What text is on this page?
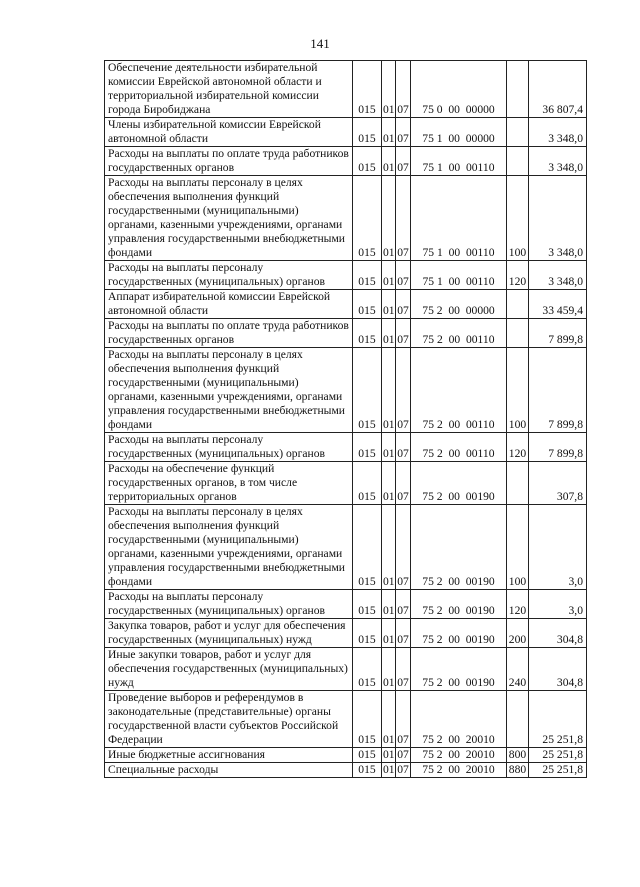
141
Обеспечение деятельности избирательной комиссии Еврейской автономной области и территориальной избирательной комиссии города Биробиджана	015	01	07	75 0  00  00000		36 807,4
Члены избирательной комиссии Еврейской автономной области	015	01	07	75 1  00  00000		3 348,0
Расходы на выплаты по оплате труда работников государственных органов	015	01	07	75 1  00  00110		3 348,0
Расходы на выплаты персоналу в целях обеспечения выполнения функций государственными (муниципальными) органами, казенными учреждениями, органами управления государственными внебюджетными фондами	015	01	07	75 1  00  00110	100	3 348,0
Расходы на выплаты персоналу государственных (муниципальных) органов	015	01	07	75 1  00  00110	120	3 348,0
Аппарат избирательной комиссии Еврейской автономной области	015	01	07	75 2  00  00000		33 459,4
Расходы на выплаты по оплате труда работников государственных органов	015	01	07	75 2  00  00110		7 899,8
Расходы на выплаты персоналу в целях обеспечения выполнения функций государственными (муниципальными) органами, казенными учреждениями, органами управления государственными внебюджетными фондами	015	01	07	75 2  00  00110	100	7 899,8
Расходы на выплаты персоналу государственных (муниципальных) органов	015	01	07	75 2  00  00110	120	7 899,8
Расходы на обеспечение функций государственных органов, в том числе территориальных органов	015	01	07	75 2  00  00190		307,8
Расходы на выплаты персоналу в целях обеспечения выполнения функций государственными (муниципальными) органами, казенными учреждениями, органами управления государственными внебюджетными фондами	015	01	07	75 2  00  00190	100	3,0
Расходы на выплаты персоналу государственных (муниципальных) органов	015	01	07	75 2  00  00190	120	3,0
Закупка товаров, работ и услуг для обеспечения государственных (муниципальных) нужд	015	01	07	75 2  00  00190	200	304,8
Иные закупки товаров, работ и услуг для обеспечения государственных (муниципальных) нужд	015	01	07	75 2  00  00190	240	304,8
Проведение выборов и референдумов в законодательные (представительные) органы государственной власти субъектов Российской Федерации	015	01	07	75 2  00  20010		25 251,8
Иные бюджетные ассигнования	015	01	07	75 2  00  20010	800	25 251,8
Специальные расходы	015	01	07	75 2  00  20010	880	25 251,8
